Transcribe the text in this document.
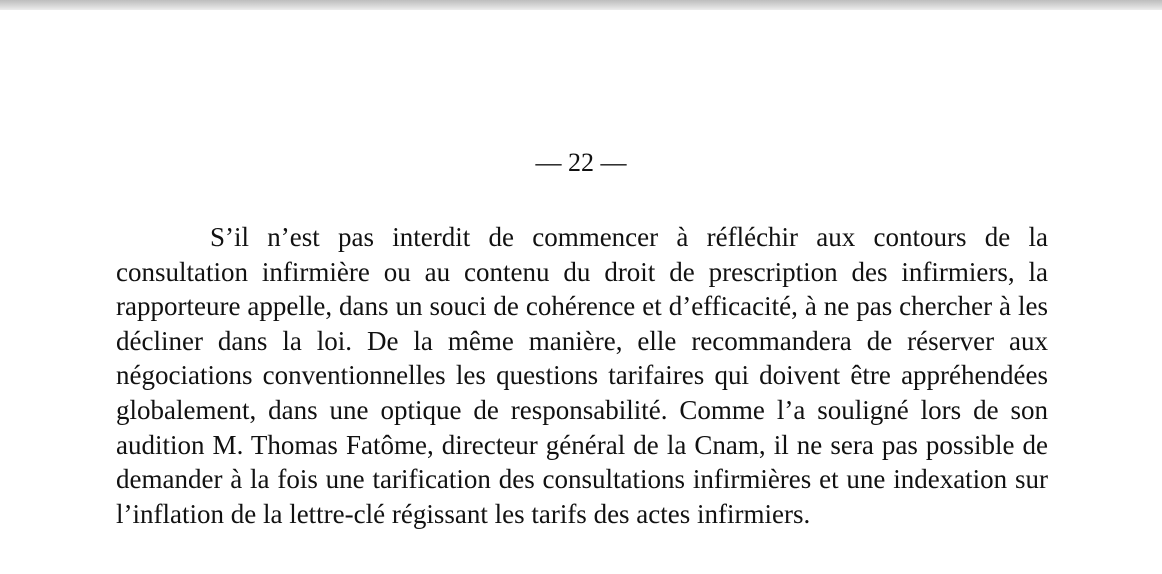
— 22 —

S’il n’est pas interdit de commencer à réfléchir aux contours de la consultation infirmière ou au contenu du droit de prescription des infirmiers, la rapporteure appelle, dans un souci de cohérence et d’efficacité, à ne pas chercher à les décliner dans la loi. De la même manière, elle recommandera de réserver aux négociations conventionnelles les questions tarifaires qui doivent être appréhendées globalement, dans une optique de responsabilité. Comme l’a souligné lors de son audition M. Thomas Fatôme, directeur général de la Cnam, il ne sera pas possible de demander à la fois une tarification des consultations infirmières et une indexation sur l’inflation de la lettre-clé régissant les tarifs des actes infirmiers.
